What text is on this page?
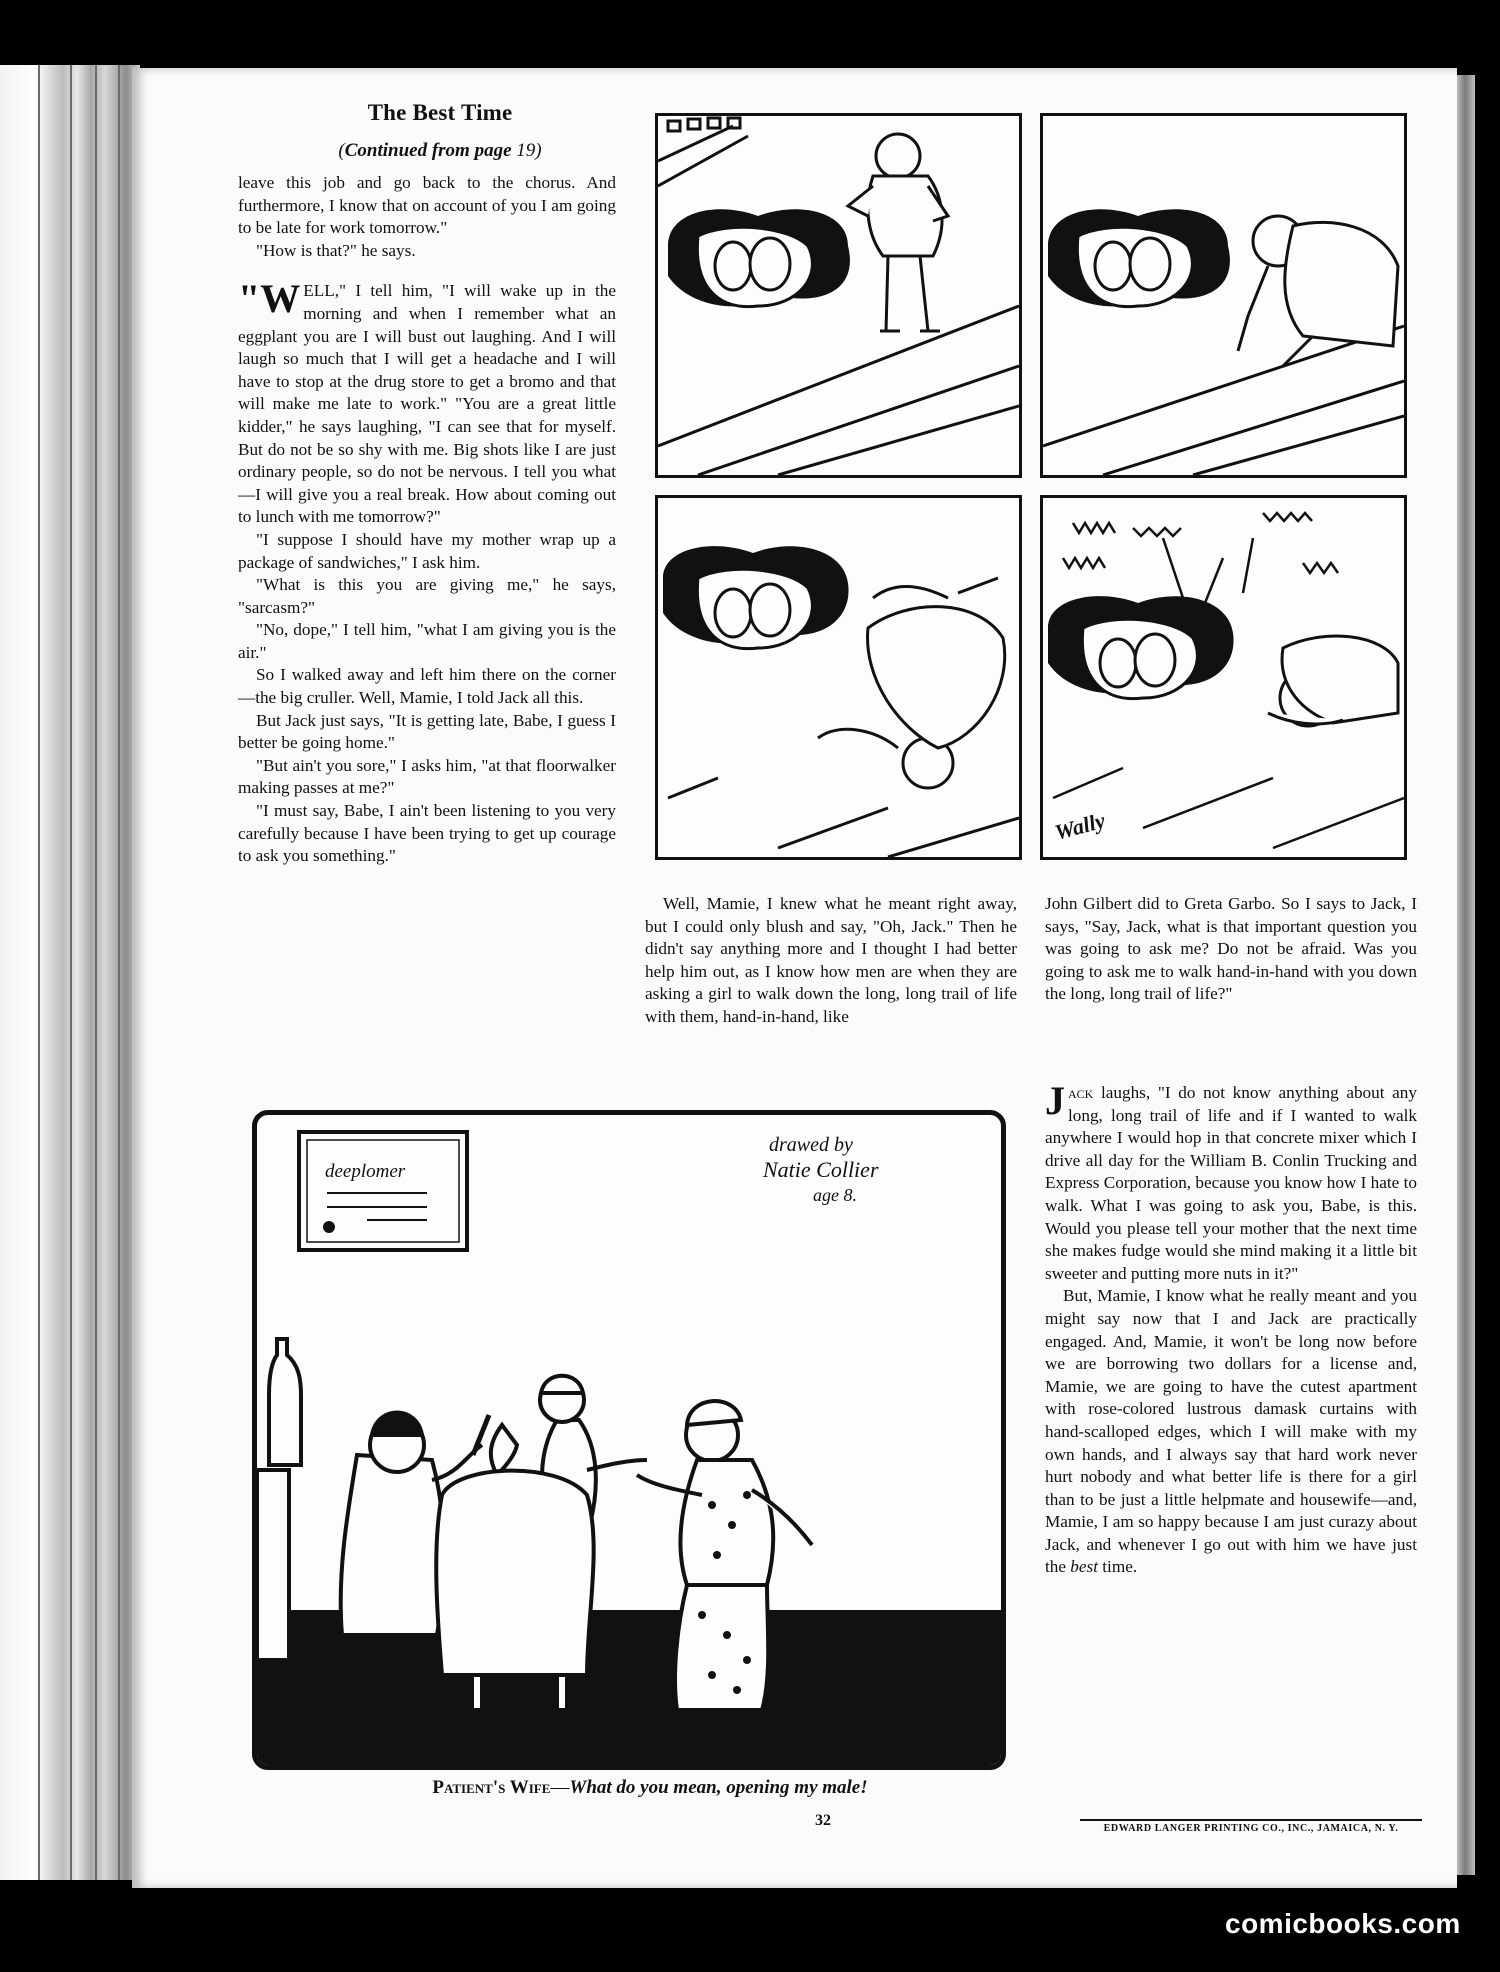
The Best Time
(Continued from page 19)

leave this job and go back to the chorus. And furthermore, I know that on account of you I am going to be late for work tomorrow."

"How is that?" he says.

"WELL," I tell him, "I will wake up in the morning and when I remember what an eggplant you are I will bust out laughing. And I will laugh so much that I will get a headache and I will have to stop at the drug store to get a bromo and that will make me late to work." "You are a great little kidder," he says laughing, "I can see that for myself. But do not be so shy with me. Big shots like I are just ordinary people, so do not be nervous. I tell you what—I will give you a real break. How about coming out to lunch with me tomorrow?"

"I suppose I should have my mother wrap up a package of sandwiches," I ask him.

"What is this you are giving me," he says, "sarcasm?"

"No, dope," I tell him, "what I am giving you is the air."

So I walked away and left him there on the corner—the big cruller. Well, Mamie, I told Jack all this.

But Jack just says, "It is getting late, Babe, I guess I better be going home."

"But ain't you sore," I asks him, "at that floorwalker making passes at me?"

"I must say, Babe, I ain't been listening to you very carefully because I have been trying to get up courage to ask you something."

Wally

Well, Mamie, I knew what he meant right away, but I could only blush and say, "Oh, Jack." Then he didn't say anything more and I thought I had better help him out, as I know how men are when they are asking a girl to walk down the long, long trail of life with them, hand-in-hand, like

John Gilbert did to Greta Garbo. So I says to Jack, I says, "Say, Jack, what is that important question you was going to ask me? Do not be afraid. Was you going to ask me to walk hand-in-hand with you down the long, long trail of life?"

Jack laughs, "I do not know anything about any long, long trail of life and if I wanted to walk anywhere I would hop in that concrete mixer which I drive all day for the William B. Conlin Trucking and Express Corporation, because you know how I hate to walk. What I was going to ask you, Babe, is this. Would you please tell your mother that the next time she makes fudge would she mind making it a little bit sweeter and putting more nuts in it?"

But, Mamie, I know what he really meant and you might say now that I and Jack are practically engaged. And, Mamie, it won't be long now before we are borrowing two dollars for a license and, Mamie, we are going to have the cutest apartment with rose-colored lustrous damask curtains with hand-scalloped edges, which I will make with my own hands, and I always say that hard work never hurt nobody and what better life is there for a girl than to be just a little helpmate and housewife—and, Mamie, I am so happy because I am just curazy about Jack, and whenever I go out with him we have just the best time.

deeplomer
drawed by
Natie Collier
age 8.
Patient's Wife—What do you mean, opening my male!
32	EDWARD LANGER PRINTING CO., INC., JAMAICA, N. Y.
comicbooks.com
